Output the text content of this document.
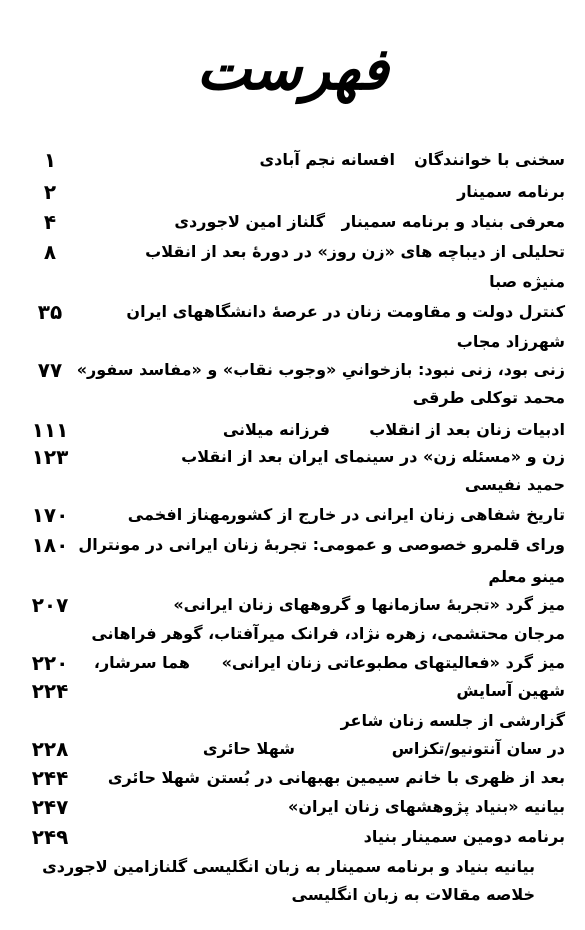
فهرست
سخنی با خوانندگان
افسانه نجم آبادی
۱
برنامه سمینار
۲
معرفی بنیاد و برنامه سمینار
گلناز امین لاجوردی
۴
تحلیلی از دیباچه های «زن روز» در دورهٔ بعد از انقلاب
۸
منیژه صبا
کنترل دولت و مقاومت زنان در عرصهٔ دانشگاههای ایران
۳۵
شهرزاد مجاب
زنی بود، زنی نبود: بازخوانیِ «وجوب نقاب» و «مفاسد سفور»
۷۷
محمد توکلی طرقی
ادبیات زنان بعد از انقلاب
فرزانه میلانی
۱۱۱
زن و «مسئله زن» در سینمای ایران بعد از انقلاب
۱۲۳
حمید نفیسی
تاریخ شفاهی زنان ایرانی در خارج از کشور
مهناز افخمی
۱۷۰
ورای قلمرو خصوصی و عمومی: تجربهٔ زنان ایرانی در مونترال
۱۸۰
مینو معلم
میز گرد «تجربهٔ سازمانها و گروههای زنان ایرانی»
۲۰۷
مرجان محتشمی، زهره نژاد، فرانک میرآفتاب، گوهر فراهانی
میز گرد «فعالیتهای مطبوعاتی زنان ایرانی»
هما سرشار،
۲۲۰
شهین آسایش
۲۲۴
گزارشی از جلسه زنان شاعر
در سان آنتونیو/تکزاس
شهلا حائری
۲۲۸
بعد از ظهری با خانم سیمین بهبهانی در بُستن
شهلا حائری
۲۴۴
بیانیه «بنیاد پژوهشهای زنان ایران»
۲۴۷
برنامه دومین سمینار بنیاد
۲۴۹
بیانیه بنیاد و برنامه سمینار به زبان انگلیسی گلنازامین لاجوردی
خلاصه مقالات به زبان انگلیسی
